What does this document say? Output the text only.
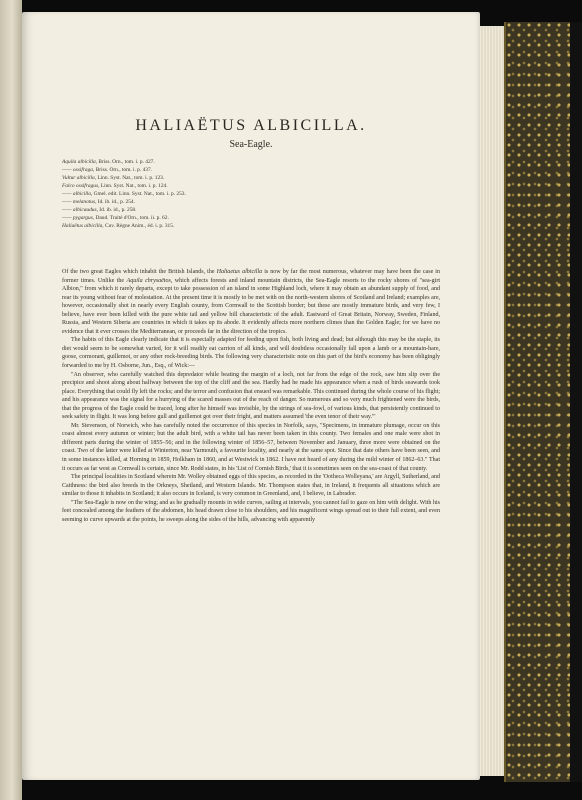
HALIAËTUS ALBICILLA.
Sea-Eagle.
Aquila albicilla, Briss. Orn., tom. i. p. 427.
—— ossifraga, Briss. Orn., tom. i. p. 437.
Vultur albicilla, Linn. Syst. Nat., tom. i. p. 123.
Falco ossifragus, Linn. Syst. Nat., tom. i. p. 124.
—— albicilla, Gmel. edit. Linn. Syst. Nat., tom. i. p. 253.
—— melanotus, Id. ib. id., p. 254.
—— albicaudus, Id. ib. id., p. 258.
—— pygargus, Daud. Traité d'Orn., tom. ii. p. 62.
Haliaëtus albicilla, Cuv. Règne Anim., éd. i. p. 315.

Of the two great Eagles which inhabit the British Islands, the Haliaetus albicilla is now by far the most numerous, whatever may have been the case in former times. Unlike the Aquila chrysaëtos, which affects forests and inland mountain districts, the Sea-Eagle resorts to the rocky shores of "sea-girt Albion," from which it rarely departs, except to take possession of an island in some Highland loch, where it may obtain an abundant supply of food, and rear its young without fear of molestation. At the present time it is mostly to be met with on the north-western shores of Scotland and Ireland; examples are, however, occasionally shot in nearly every English county, from Cornwall to the Scottish border; but these are mostly immature birds, and very few, I believe, have ever been killed with the pure white tail and yellow bill characteristic of the adult. Eastward of Great Britain, Norway, Sweden, Finland, Russia, and Western Siberia are countries in which it takes up its abode. It evidently affects more northern climes than the Golden Eagle; for we have no evidence that it ever crosses the Mediterranean, or proceeds far in the direction of the tropics.

The habits of this Eagle clearly indicate that it is especially adapted for feeding upon fish, both living and dead; but although this may be the staple, its diet would seem to be somewhat varied, for it will readily eat carrion of all kinds, and will doubtless occasionally fall upon a lamb or a mountain-hare, goose, cormorant, guillemot, or any other rock-breeding birds. The following very characteristic note on this part of the bird's economy has been obligingly forwarded to me by H. Osborne, Jun., Esq., of Wick:—

"An observer, who carefully watched this depredator while beating the margin of a loch, not far from the edge of the rock, saw him slip over the precipice and shoot along about halfway between the top of the cliff and the sea. Hardly had he made his appearance when a rush of birds seawards took place. Everything that could fly left the rocks; and the terror and confusion that ensued was remarkable. This continued during the whole course of his flight; and his appearance was the signal for a hurrying of the scared masses out of the reach of danger. So numerous and so very much frightened were the birds, that the progress of the Eagle could be traced, long after he himself was invisible, by the strings of sea-fowl, of various kinds, that persistently continued to seek safety in flight. It was long before gull and guillemot got over their fright, and matters assumed 'the even tenor of their way.'"

Mr. Stevenson, of Norwich, who has carefully noted the occurrence of this species in Norfolk, says, "Specimens, in immature plumage, occur on this coast almost every autumn or winter; but the adult bird, with a white tail has never been taken in this county. Two females and one male were shot in different parts during the winter of 1855–56; and in the following winter of 1856–57, between November and January, three more were obtained on the coast. Two of the latter were killed at Winterton, near Yarmouth, a favourite locality, and nearly at the same spot. Since that date others have been seen, and in some instances killed, at Horning in 1859, Holkham in 1860, and at Westwick in 1862. I have not heard of any during the mild winter of 1862–63." That it occurs as far west as Cornwall is certain, since Mr. Rodd states, in his 'List of Cornish Birds,' that it is sometimes seen on the sea-coast of that county.

The principal localities in Scotland wherein Mr. Wolley obtained eggs of this species, as recorded in the 'Ootheca Wolleyana,' are Argyll, Sutherland, and Caithness: the bird also breeds in the Orkneys, Shetland, and Western Islands. Mr. Thompson states that, in Ireland, it frequents all situations which are similar to those it inhabits in Scotland; it also occurs in Iceland, is very common in Greenland, and, I believe, in Labrador.

"The Sea-Eagle is now on the wing; and as he gradually mounts in wide curves, sailing at intervals, you cannot fail to gaze on him with delight. With his feet concealed among the feathers of the abdomen, his head drawn close to his shoulders, and his magnificent wings spread out to their full extent, and even seeming to curve upwards at the points, he sweeps along the sides of the hills, advancing with apparently
